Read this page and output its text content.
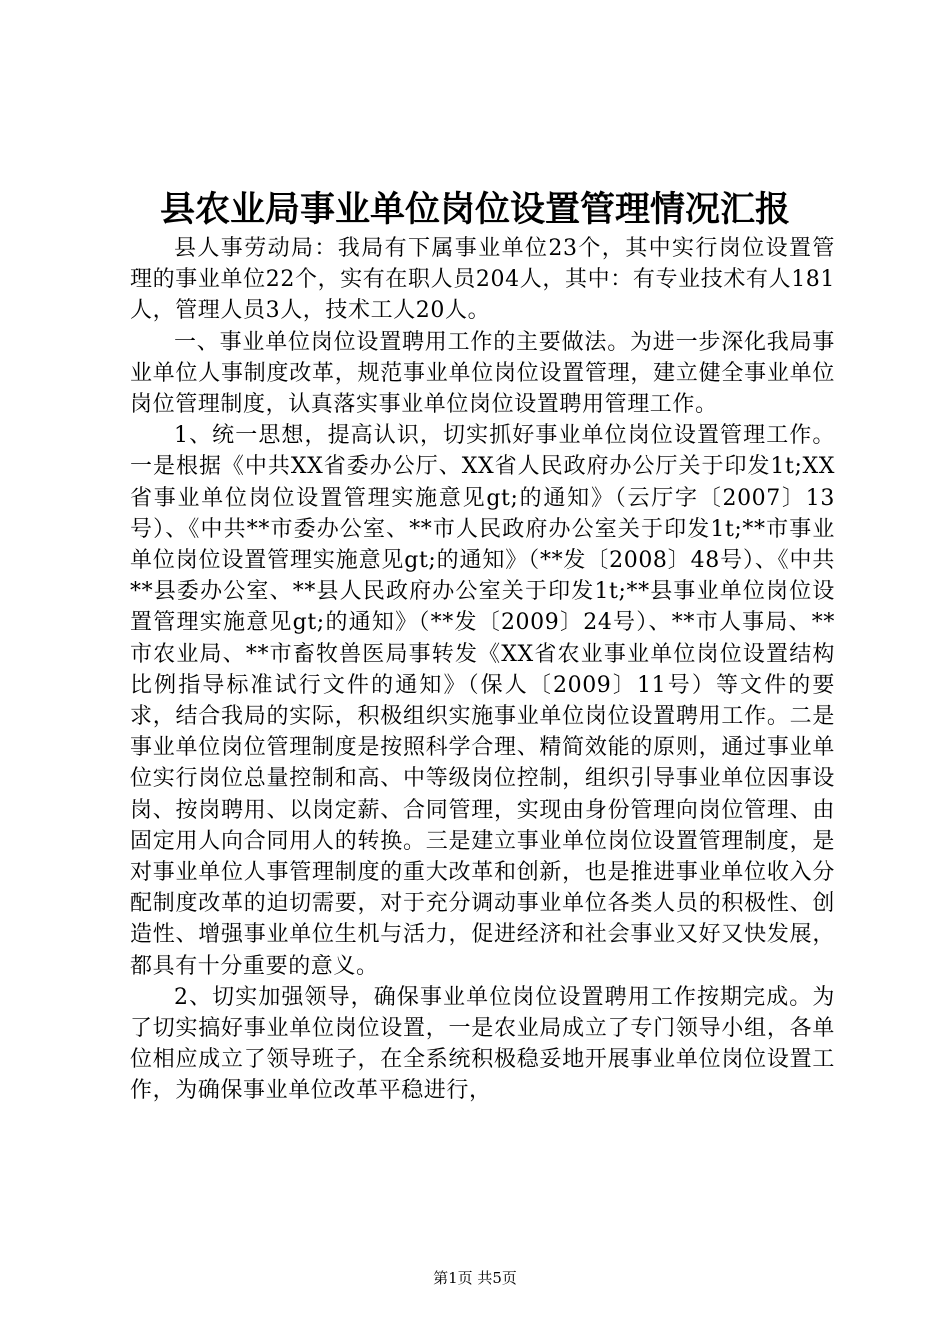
县农业局事业单位岗位设置管理情况汇报

县人事劳动局：我局有下属事业单位23个，其中实行岗位设置管理的事业单位22个，实有在职人员204人，其中：有专业技术有人181人，管理人员3人，技术工人20人。

一、事业单位岗位设置聘用工作的主要做法。为进一步深化我局事业单位人事制度改革，规范事业单位岗位设置管理，建立健全事业单位岗位管理制度，认真落实事业单位岗位设置聘用管理工作。

1、统一思想，提高认识，切实抓好事业单位岗位设置管理工作。一是根据《中共XX省委办公厅、XX省人民政府办公厅关于印发1t;XX省事业单位岗位设置管理实施意见gt;的通知》（云厅字〔2007〕13号）、《中共**市委办公室、**市人民政府办公室关于印发1t;**市事业单位岗位设置管理实施意见gt;的通知》（**发〔2008〕48号）、《中共**县委办公室、**县人民政府办公室关于印发1t;**县事业单位岗位设置管理实施意见gt;的通知》（**发〔2009〕24号）、**市人事局、**市农业局、**市畜牧兽医局事转发《XX省农业事业单位岗位设置结构比例指导标准试行文件的通知》（保人〔2009〕11号）等文件的要求，结合我局的实际，积极组织实施事业单位岗位设置聘用工作。二是事业单位岗位管理制度是按照科学合理、精简效能的原则，通过事业单位实行岗位总量控制和高、中等级岗位控制，组织引导事业单位因事设岗、按岗聘用、以岗定薪、合同管理，实现由身份管理向岗位管理、由固定用人向合同用人的转换。三是建立事业单位岗位设置管理制度，是对事业单位人事管理制度的重大改革和创新，也是推进事业单位收入分配制度改革的迫切需要，对于充分调动事业单位各类人员的积极性、创造性、增强事业单位生机与活力，促进经济和社会事业又好又快发展，都具有十分重要的意义。

2、切实加强领导，确保事业单位岗位设置聘用工作按期完成。为了切实搞好事业单位岗位设置，一是农业局成立了专门领导小组，各单位相应成立了领导班子，在全系统积极稳妥地开展事业单位岗位设置工作，为确保事业单位改革平稳进行，

第1页 共5页
